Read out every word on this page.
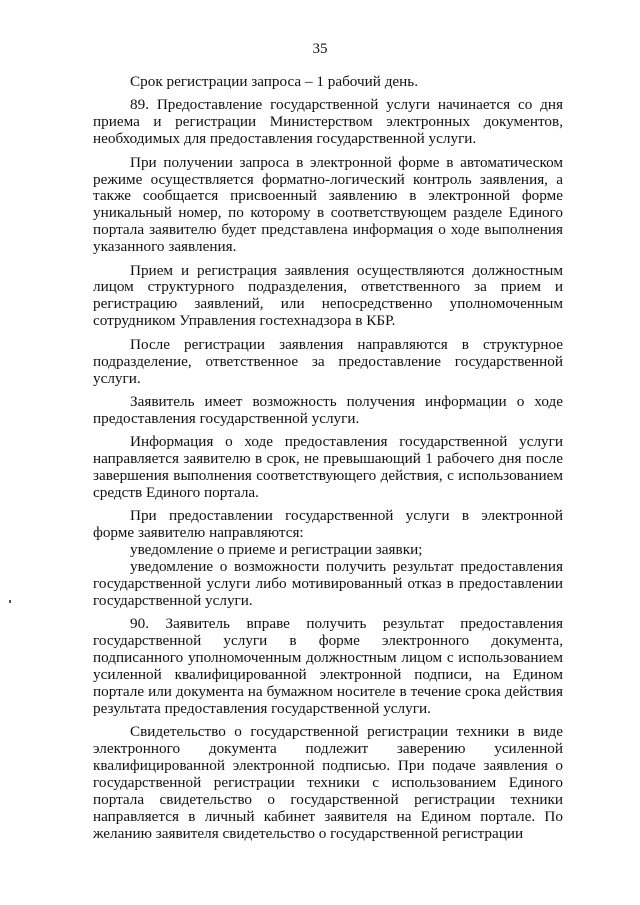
35

Срок регистрации запроса – 1 рабочий день.

89. Предоставление государственной услуги начинается со дня приема и регистрации Министерством электронных документов, необходимых для предоставления государственной услуги.

При получении запроса в электронной форме в автоматическом режиме осуществляется форматно-логический контроль заявления, а также сообщается присвоенный заявлению в электронной форме уникальный номер, по которому в соответствующем разделе Единого портала заявителю будет представлена информация о ходе выполнения указанного заявления.

Прием и регистрация заявления осуществляются должностным лицом структурного подразделения, ответственного за прием и регистрацию заявлений, или непосредственно уполномоченным сотрудником Управления гостехнадзора в КБР.

После регистрации заявления направляются в структурное подразделение, ответственное за предоставление государственной услуги.

Заявитель имеет возможность получения информации о ходе предоставления государственной услуги.

Информация о ходе предоставления государственной услуги направляется заявителю в срок, не превышающий 1 рабочего дня после завершения выполнения соответствующего действия, с использованием средств Единого портала.

При предоставлении государственной услуги в электронной форме заявителю направляются:

уведомление о приеме и регистрации заявки;

уведомление о возможности получить результат предоставления государственной услуги либо мотивированный отказ в предоставлении государственной услуги.

90. Заявитель вправе получить результат предоставления государственной услуги в форме электронного документа, подписанного уполномоченным должностным лицом с использованием усиленной квалифицированной электронной подписи, на Едином портале или документа на бумажном носителе в течение срока действия результата предоставления государственной услуги.

Свидетельство о государственной регистрации техники в виде электронного документа подлежит заверению усиленной квалифицированной электронной подписью. При подаче заявления о государственной регистрации техники с использованием Единого портала свидетельство о государственной регистрации техники направляется в личный кабинет заявителя на Едином портале. По желанию заявителя свидетельство о государственной регистрации
